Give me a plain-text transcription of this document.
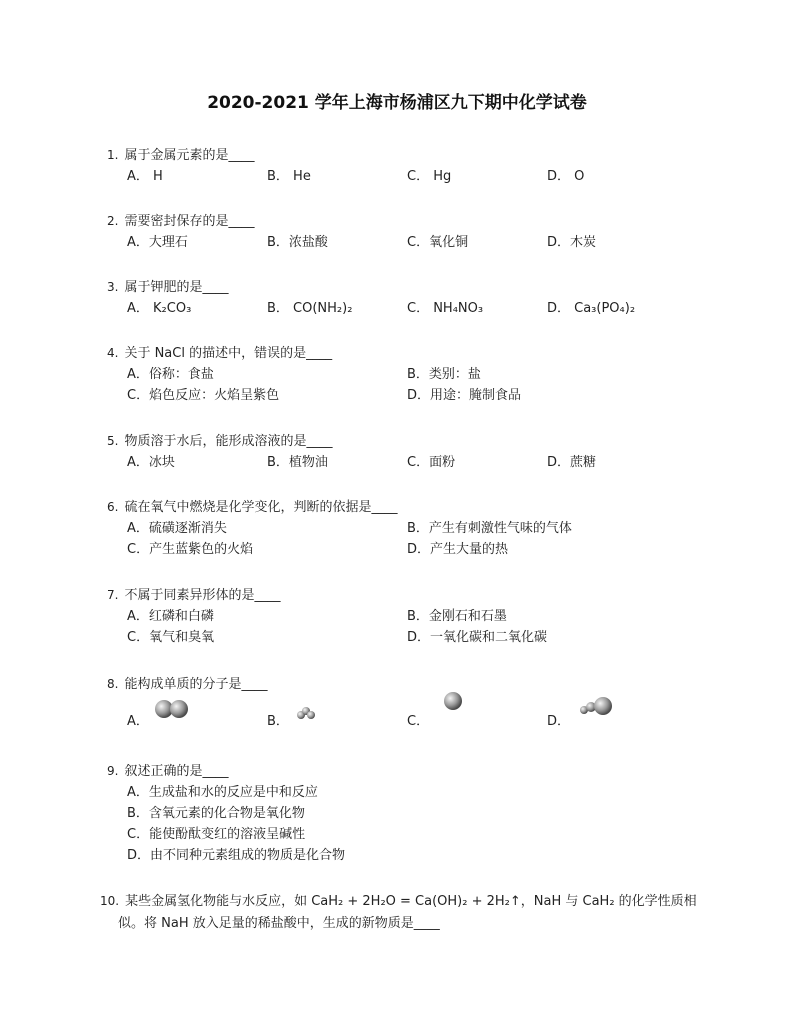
2020-2021 学年上海市杨浦区九下期中化学试卷
1. 属于金属元素的是____
A． H	B． He	C． Hg	D． O
2. 需要密封保存的是____
A．大理石	B．浓盐酸	C．氧化铜	D．木炭
3. 属于钾肥的是____
A． K₂CO₃	B． CO(NH₂)₂	C． NH₄NO₃	D． Ca₃(PO₄)₂
4. 关于 NaCl 的描述中，错误的是____
A．俗称：食盐	B．类别：盐
C．焰色反应：火焰呈紫色	D．用途：腌制食品
5. 物质溶于水后，能形成溶液的是____
A．冰块	B．植物油	C．面粉	D．蔗糖
6. 硫在氧气中燃烧是化学变化，判断的依据是____
A．硫磺逐渐消失	B．产生有刺激性气味的气体
C．产生蓝紫色的火焰	D．产生大量的热
7. 不属于同素异形体的是____
A．红磷和白磷	B．金刚石和石墨
C．氧气和臭氧	D．一氧化碳和二氧化碳
8. 能构成单质的分子是____
A．	B．	C．	D．
9. 叙述正确的是____
A．生成盐和水的反应是中和反应
B．含氧元素的化合物是氧化物
C．能使酚酞变红的溶液呈碱性
D．由不同种元素组成的物质是化合物
10. 某些金属氢化物能与水反应，如 CaH₂ + 2H₂O = Ca(OH)₂ + 2H₂↑，NaH 与 CaH₂ 的化学性质相
似。将 NaH 放入足量的稀盐酸中，生成的新物质是____
